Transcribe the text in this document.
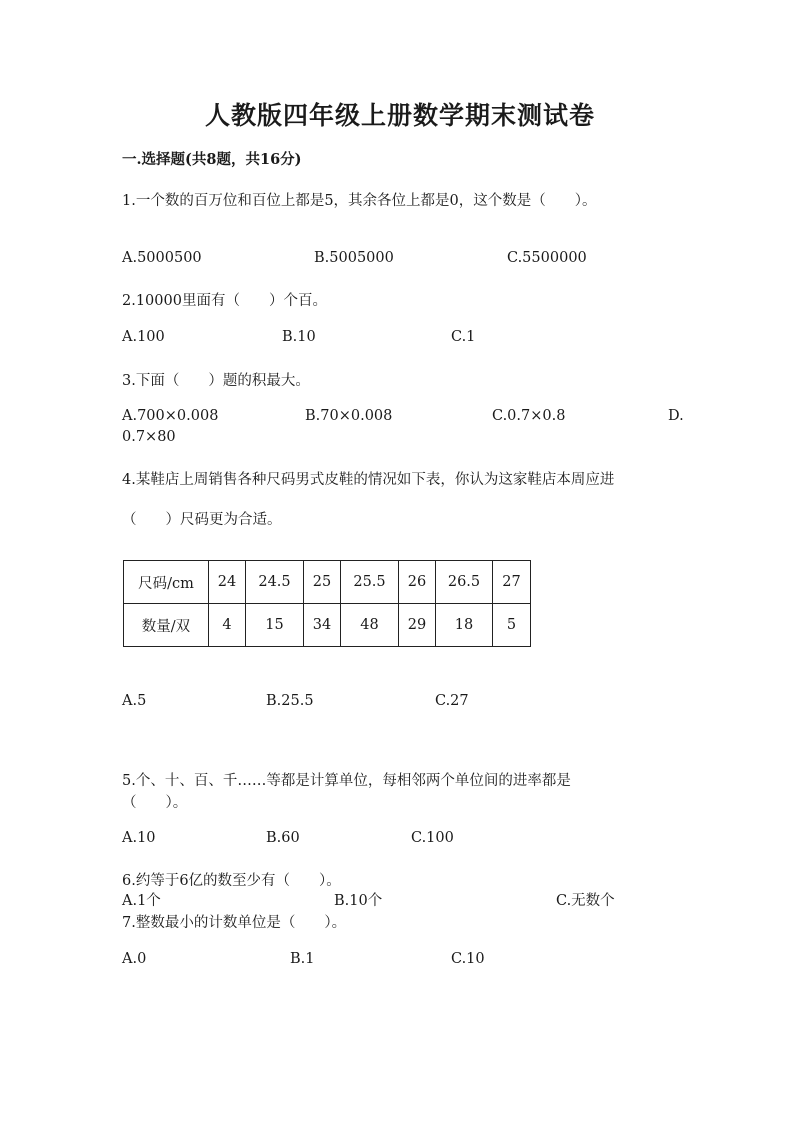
人教版四年级上册数学期末测试卷
一.选择题(共8题，共16分)
1.一个数的百万位和百位上都是5，其余各位上都是0，这个数是（　　）。
A.5000500	B.5005000	C.5500000
2.10000里面有（　　）个百。
A.100	B.10	C.1
3.下面（　　）题的积最大。
A.700×0.008	B.70×0.008	C.0.7×0.8	D.
0.7×80
4.某鞋店上周销售各种尺码男式皮鞋的情况如下表，你认为这家鞋店本周应进
（　　）尺码更为合适。
尺码/cm	24	24.5	25	25.5	26	26.5	27
数量/双	4	15	34	48	29	18	5
A.5	B.25.5	C.27
5.个、十、百、千……等都是计算单位，每相邻两个单位间的进率都是
（　　）。
A.10	B.60	C.100
6.约等于6亿的数至少有（　　）。
A.1个	B.10个	C.无数个
7.整数最小的计数单位是（　　）。
A.0	B.1	C.10
